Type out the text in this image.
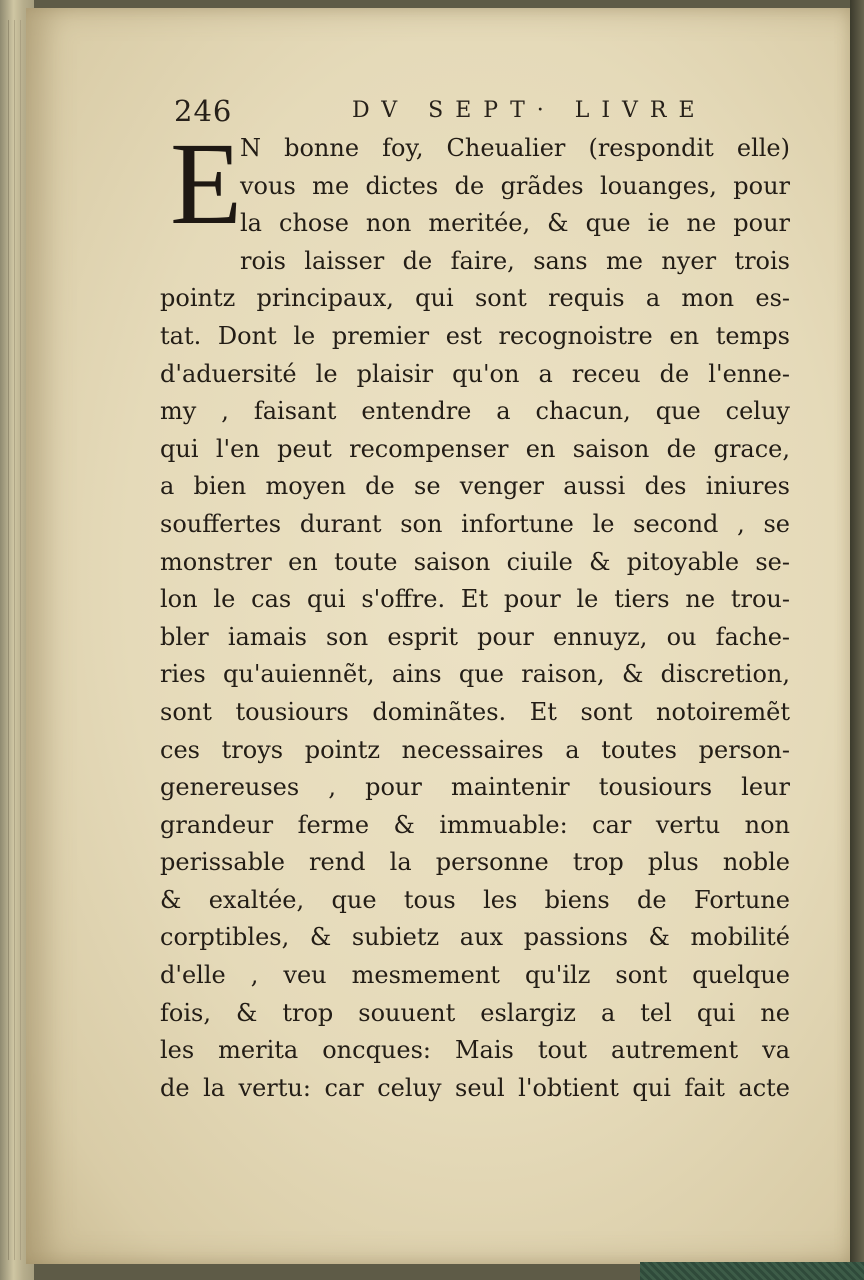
246	DV SEPT· LIVRE
E
N bonne foy, Cheualier (respondit elle)
vous me dictes de grãdes louanges, pour
la chose non meritée, & que ie ne pour
rois laisser de faire, sans me nyer trois
pointz principaux, qui sont requis a mon es-
tat. Dont le premier est recognoistre en temps
d'aduersité le plaisir qu'on a receu de l'enne-
my , faisant entendre a chacun, que celuy
qui l'en peut recompenser en saison de grace,
a bien moyen de se venger aussi des iniures
souffertes durant son infortune le second , se
monstrer en toute saison ciuile & pitoyable se-
lon le cas qui s'offre. Et pour le tiers ne trou-
bler iamais son esprit pour ennuyz, ou fache-
ries qu'auiennẽt, ains que raison, & discretion,
sont tousiours dominãtes. Et sont notoiremẽt
ces troys pointz necessaires a toutes person-
genereuses , pour maintenir tousiours leur
grandeur ferme & immuable: car vertu non
perissable rend la personne trop plus noble
& exaltée, que tous les biens de Fortune
corptibles, & subietz aux passions & mobilité
d'elle , veu mesmement qu'ilz sont quelque
fois, & trop souuent eslargiz a tel qui ne
les merita oncques: Mais tout autrement va
de la vertu: car celuy seul l'obtient qui fait acte
